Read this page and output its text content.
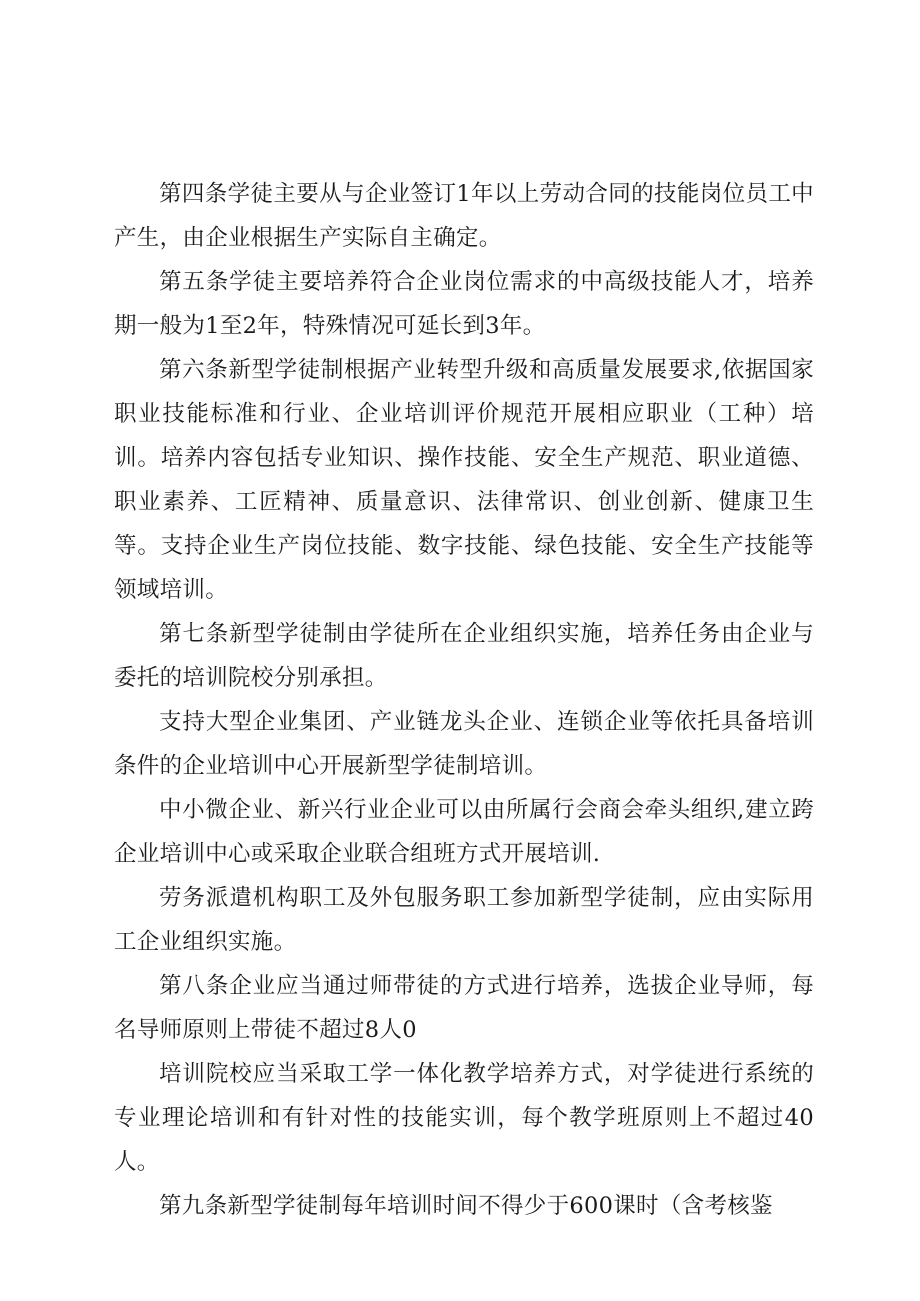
第四条学徒主要从与企业签订1年以上劳动合同的技能岗位员工中产生，由企业根据生产实际自主确定。

第五条学徒主要培养符合企业岗位需求的中高级技能人才，培养期一般为1至2年，特殊情况可延长到3年。

第六条新型学徒制根据产业转型升级和高质量发展要求,依据国家职业技能标准和行业、企业培训评价规范开展相应职业（工种）培训。培养内容包括专业知识、操作技能、安全生产规范、职业道德、职业素养、工匠精神、质量意识、法律常识、创业创新、健康卫生等。支持企业生产岗位技能、数字技能、绿色技能、安全生产技能等领域培训。

第七条新型学徒制由学徒所在企业组织实施，培养任务由企业与委托的培训院校分别承担。

支持大型企业集团、产业链龙头企业、连锁企业等依托具备培训条件的企业培训中心开展新型学徒制培训。

中小微企业、新兴行业企业可以由所属行会商会牵头组织,建立跨企业培训中心或采取企业联合组班方式开展培训.

劳务派遣机构职工及外包服务职工参加新型学徒制，应由实际用工企业组织实施。

第八条企业应当通过师带徒的方式进行培养，选拔企业导师，每名导师原则上带徒不超过8人0

培训院校应当采取工学一体化教学培养方式，对学徒进行系统的专业理论培训和有针对性的技能实训，每个教学班原则上不超过40人。

第九条新型学徒制每年培训时间不得少于600课时（含考核鉴
